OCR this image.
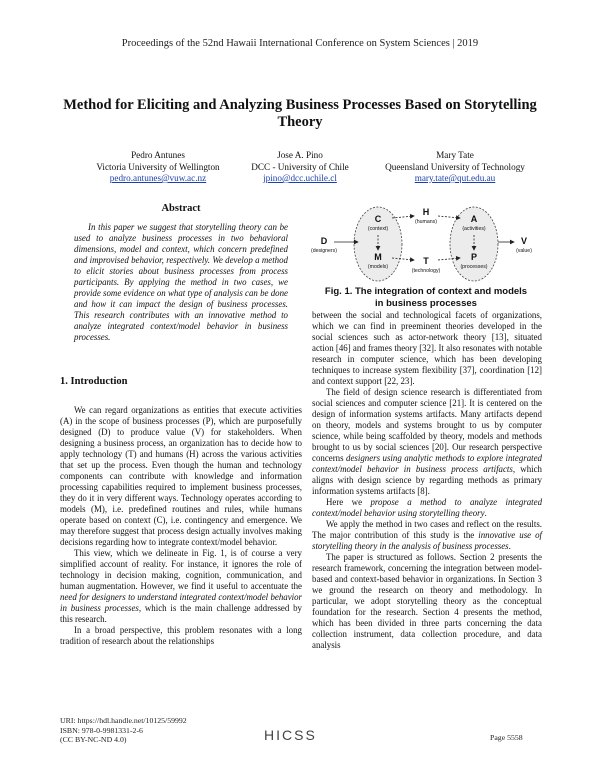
Proceedings of the 52nd Hawaii International Conference on System Sciences | 2019
Method for Eliciting and Analyzing Business Processes Based on Storytelling Theory
Pedro Antunes
Victoria University of Wellington
pedro.antunes@vuw.ac.nz
Jose A. Pino
DCC - University of Chile
jpino@dcc.uchile.cl
Mary Tate
Queensland University of Technology
mary.tate@qut.edu.au
Abstract

In this paper we suggest that storytelling theory can be used to analyze business processes in two behavioral dimensions, model and context, which concern predefined and improvised behavior, respectively. We develop a method to elicit stories about business processes from process participants. By applying the method in two cases, we provide some evidence on what type of analysis can be done and how it can impact the design of business processes. This research contributes with an innovative method to analyze integrated context/model behavior in business processes.

1. Introduction

We can regard organizations as entities that execute activities (A) in the scope of business processes (P), which are purposefully designed (D) to produce value (V) for stakeholders. When designing a business process, an organization has to decide how to apply technology (T) and humans (H) across the various activities that set up the process. Even though the human and technology components can contribute with knowledge and information processing capabilities required to implement business processes, they do it in very different ways. Technology operates according to models (M), i.e. predefined routines and rules, while humans operate based on context (C), i.e. contingency and emergence. We may therefore suggest that process design actually involves making decisions regarding how to integrate context/model behavior.

This view, which we delineate in Fig. 1, is of course a very simplified account of reality. For instance, it ignores the role of technology in decision making, cognition, communication, and human augmentation. However, we find it useful to accentuate the need for designers to understand integrated context/model behavior in business processes, which is the main challenge addressed by this research.

In a broad perspective, this problem resonates with a long tradition of research about the relationships

C
(context)
M
(models)
H
(humans)
T
(technology)
A
(activities)
P
(processes)
D
(designers)
V
(value)
Fig. 1. The integration of context and models
in business processes

between the social and technological facets of organizations, which we can find in preeminent theories developed in the social sciences such as actor-network theory [13], situated action [46] and frames theory [32]. It also resonates with notable research in computer science, which has been developing techniques to increase system flexibility [37], coordination [12] and context support [22, 23].

The field of design science research is differentiated from social sciences and computer science [21]. It is centered on the design of information systems artifacts. Many artifacts depend on theory, models and systems brought to us by computer science, while being scaffolded by theory, models and methods brought to us by social sciences [20]. Our research perspective concerns designers using analytic methods to explore integrated context/model behavior in business process artifacts, which aligns with design science by regarding methods as primary information systems artifacts [8].

Here we propose a method to analyze integrated context/model behavior using storytelling theory.

We apply the method in two cases and reflect on the results. The major contribution of this study is the innovative use of storytelling theory in the analysis of business processes.

The paper is structured as follows. Section 2 presents the research framework, concerning the integration between model-based and context-based behavior in organizations. In Section 3 we ground the research on theory and methodology. In particular, we adopt storytelling theory as the conceptual foundation for the research. Section 4 presents the method, which has been divided in three parts concerning the data collection instrument, data collection procedure, and data analysis

URI: https://hdl.handle.net/10125/59992
ISBN: 978-0-9981331-2-6
(CC BY-NC-ND 4.0)	HICSS	Page 5558
